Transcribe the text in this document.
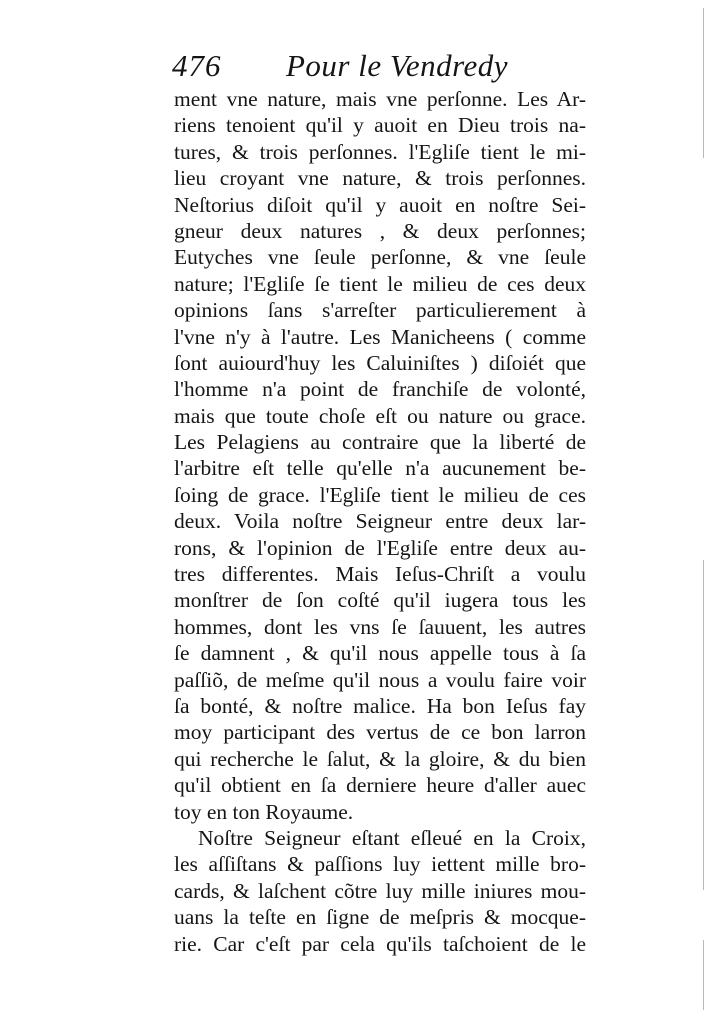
476 Pour le Vendredy
ment vne nature, mais vne perſonne. Les Ar-
riens tenoient qu'il y auoit en Dieu trois na-
tures, & trois perſonnes. l'Egliſe tient le mi-
lieu croyant vne nature, & trois perſonnes.
Neſtorius diſoit qu'il y auoit en noſtre Sei-
gneur deux natures , & deux perſonnes;
Eutyches vne ſeule perſonne, & vne ſeule
nature; l'Egliſe ſe tient le milieu de ces deux
opinions ſans s'arreſter particulierement à
l'vne n'y à l'autre. Les Manicheens ( comme
ſont auiourd'huy les Caluiniſtes ) diſoiét que
l'homme n'a point de franchiſe de volonté,
mais que toute choſe eſt ou nature ou grace.
Les Pelagiens au contraire que la liberté de
l'arbitre eſt telle qu'elle n'a aucunement be-
ſoing de grace. l'Egliſe tient le milieu de ces
deux. Voila noſtre Seigneur entre deux lar-
rons, & l'opinion de l'Egliſe entre deux au-
tres differentes. Mais Ieſus-Chriſt a voulu
monſtrer de ſon coſté qu'il iugera tous les
hommes, dont les vns ſe ſauuent, les autres
ſe damnent , & qu'il nous appelle tous à ſa
paſſiõ, de meſme qu'il nous a voulu faire voir
ſa bonté, & noſtre malice. Ha bon Ieſus fay
moy participant des vertus de ce bon larron
qui recherche le ſalut, & la gloire, & du bien
qu'il obtient en ſa derniere heure d'aller auec
toy en ton Royaume.
Noſtre Seigneur eſtant eſleué en la Croix,
les aſſiſtans & paſſions luy iettent mille bro-
cards, & laſchent cõtre luy mille iniures mou-
uans la teſte en ſigne de meſpris & mocque-
rie. Car c'eſt par cela qu'ils taſchoient de le
